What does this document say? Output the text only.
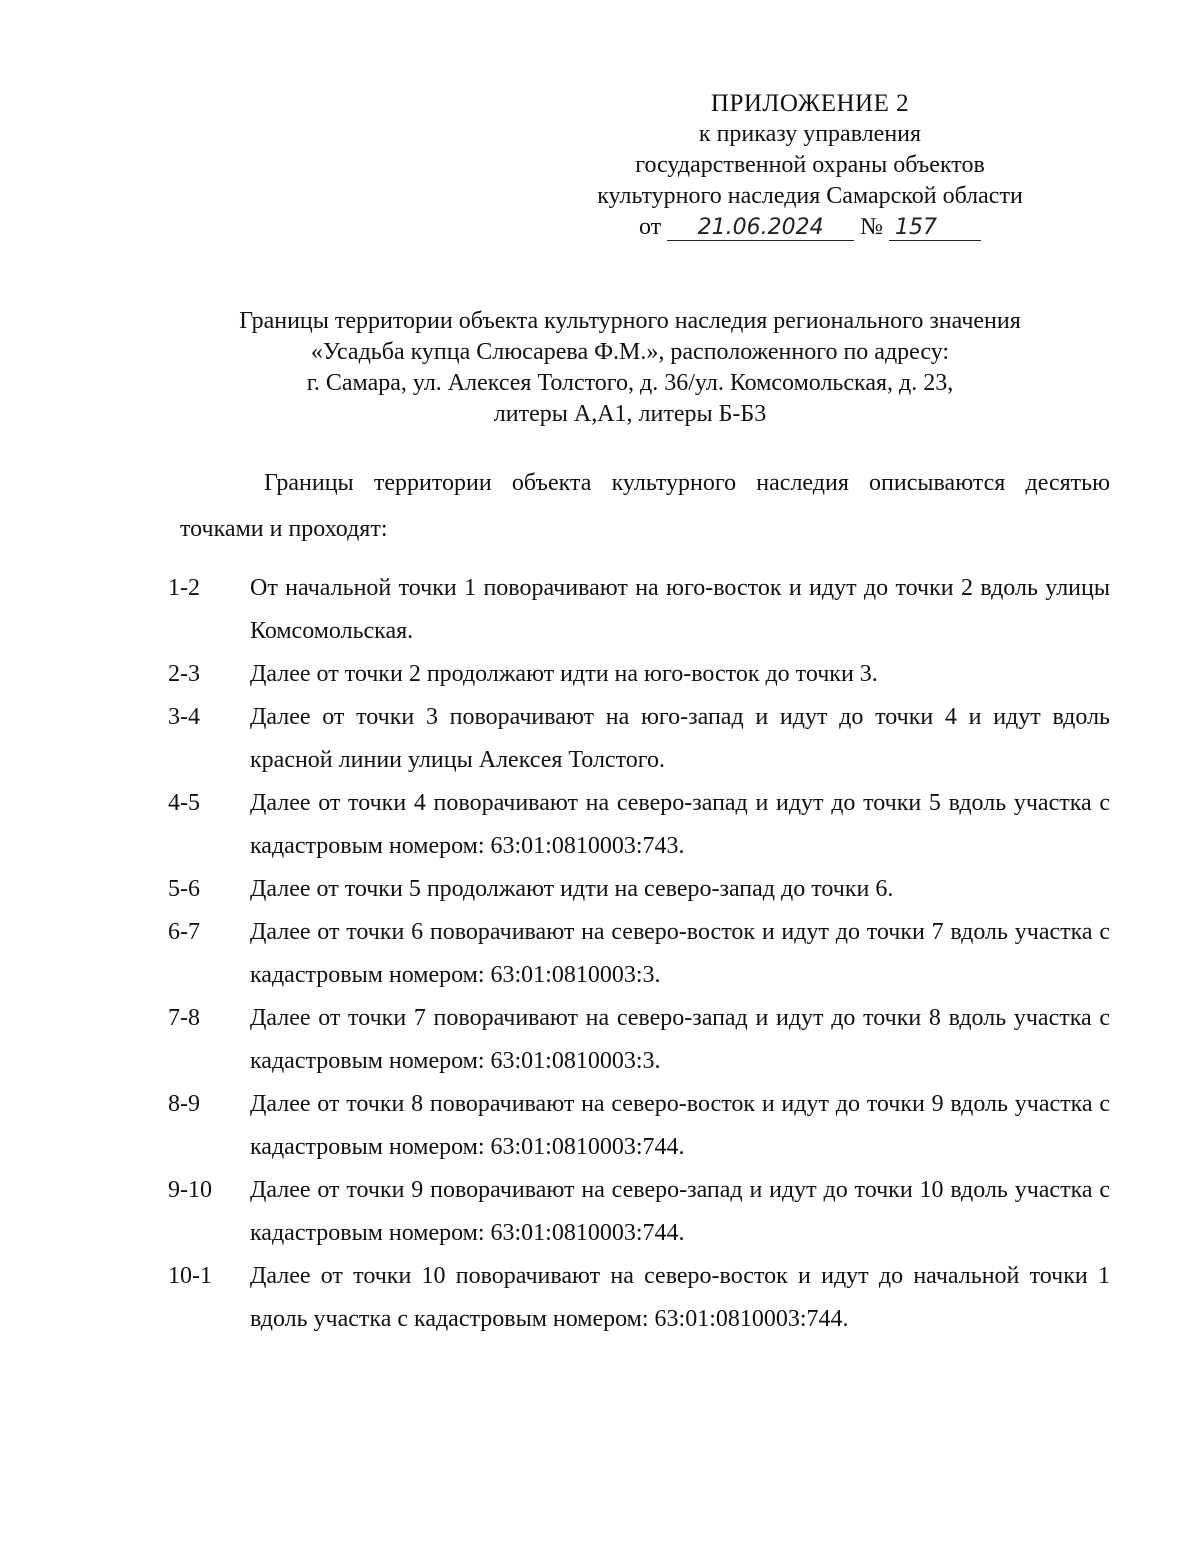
ПРИЛОЖЕНИЕ 2
к приказу управления
государственной охраны объектов
культурного наследия Самарской области
от 21.06.2024 № 157
Границы территории объекта культурного наследия регионального значения
«Усадьба купца Слюсарева Ф.М.», расположенного по адресу:
г. Самара, ул. Алексея Толстого, д. 36/ул. Комсомольская, д. 23,
литеры А,А1, литеры Б-Б3
Границы территории объекта культурного наследия описываются десятью точками и проходят:
1-2	От начальной точки 1 поворачивают на юго-восток и идут до точки 2 вдоль улицы Комсомольская.
2-3	Далее от точки 2 продолжают идти на юго-восток до точки 3.
3-4	Далее от точки 3 поворачивают на юго-запад и идут до точки 4 и идут вдоль красной линии улицы Алексея Толстого.
4-5	Далее от точки 4 поворачивают на северо-запад и идут до точки 5 вдоль участка с кадастровым номером: 63:01:0810003:743.
5-6	Далее от точки 5 продолжают идти на северо-запад до точки 6.
6-7	Далее от точки 6 поворачивают на северо-восток и идут до точки 7 вдоль участка с кадастровым номером: 63:01:0810003:3.
7-8	Далее от точки 7 поворачивают на северо-запад и идут до точки 8 вдоль участка с кадастровым номером: 63:01:0810003:3.
8-9	Далее от точки 8 поворачивают на северо-восток и идут до точки 9 вдоль участка с кадастровым номером: 63:01:0810003:744.
9-10	Далее от точки 9 поворачивают на северо-запад и идут до точки 10 вдоль участка с кадастровым номером: 63:01:0810003:744.
10-1	Далее от точки 10 поворачивают на северо-восток и идут до начальной точки 1 вдоль участка с кадастровым номером: 63:01:0810003:744.
